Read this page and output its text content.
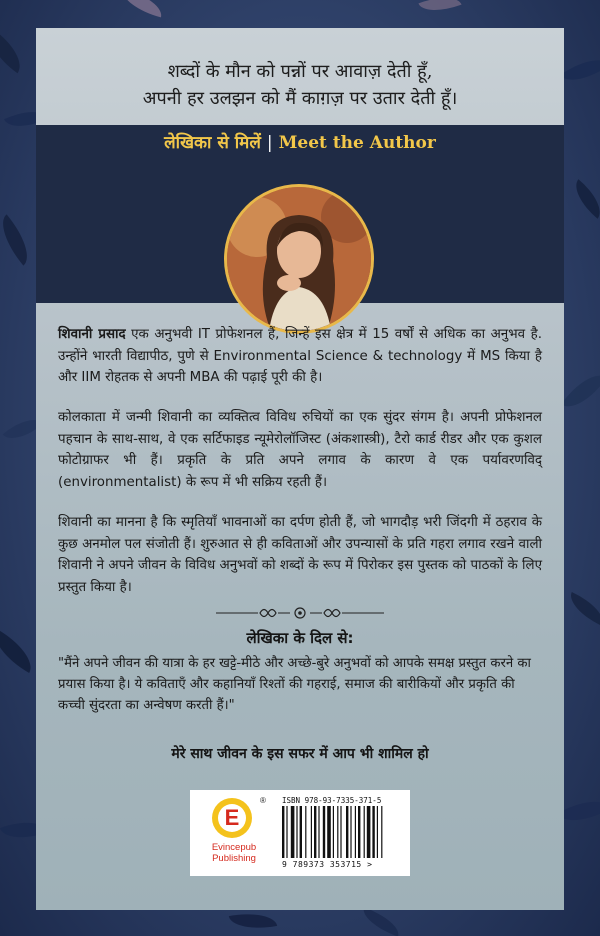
शब्दों के मौन को पन्नों पर आवाज़ देती हूँ,
अपनी हर उलझन को मैं काग़ज़ पर उतार देती हूँ।
लेखिका से मिलें | Meet the Author
शिवानी प्रसाद एक अनुभवी IT प्रोफेशनल हैं, जिन्हें इस क्षेत्र में 15 वर्षों से अधिक का अनुभव है. उन्होंने भारती विद्यापीठ, पुणे से Environmental Science & technology में MS किया है और IIM रोहतक से अपनी MBA की पढ़ाई पूरी की है।
कोलकाता में जन्मी शिवानी का व्यक्तित्व विविध रुचियों का एक सुंदर संगम है। अपनी प्रोफेशनल पहचान के साथ-साथ, वे एक सर्टिफाइड न्यूमेरोलॉजिस्ट (अंकशास्त्री), टैरो कार्ड रीडर और एक कुशल फोटोग्राफर भी हैं। प्रकृति के प्रति अपने लगाव के कारण वे एक पर्यावरणविद् (environmentalist) के रूप में भी सक्रिय रहती हैं।
शिवानी का मानना है कि स्मृतियाँ भावनाओं का दर्पण होती हैं, जो भागदौड़ भरी जिंदगी में ठहराव के कुछ अनमोल पल संजोती हैं। शुरुआत से ही कविताओं और उपन्यासों के प्रति गहरा लगाव रखने वाली शिवानी ने अपने जीवन के विविध अनुभवों को शब्दों के रूप में पिरोकर इस पुस्तक को पाठकों के लिए प्रस्तुत किया है।
लेखिका के दिल से:
"मैंने अपने जीवन की यात्रा के हर खट्टे-मीठे और अच्छे-बुरे अनुभवों को आपके समक्ष प्रस्तुत करने का प्रयास किया है। ये कविताएँ और कहानियाँ रिश्तों की गहराई, समाज की बारीकियों और प्रकृति की कच्ची सुंदरता का अन्वेषण करती हैं।"
मेरे साथ जीवन के इस सफर में आप भी शामिल हो
E
®
Evincepub
Publishing
ISBN 978-93-7335-371-5
9 789373 353715 >
